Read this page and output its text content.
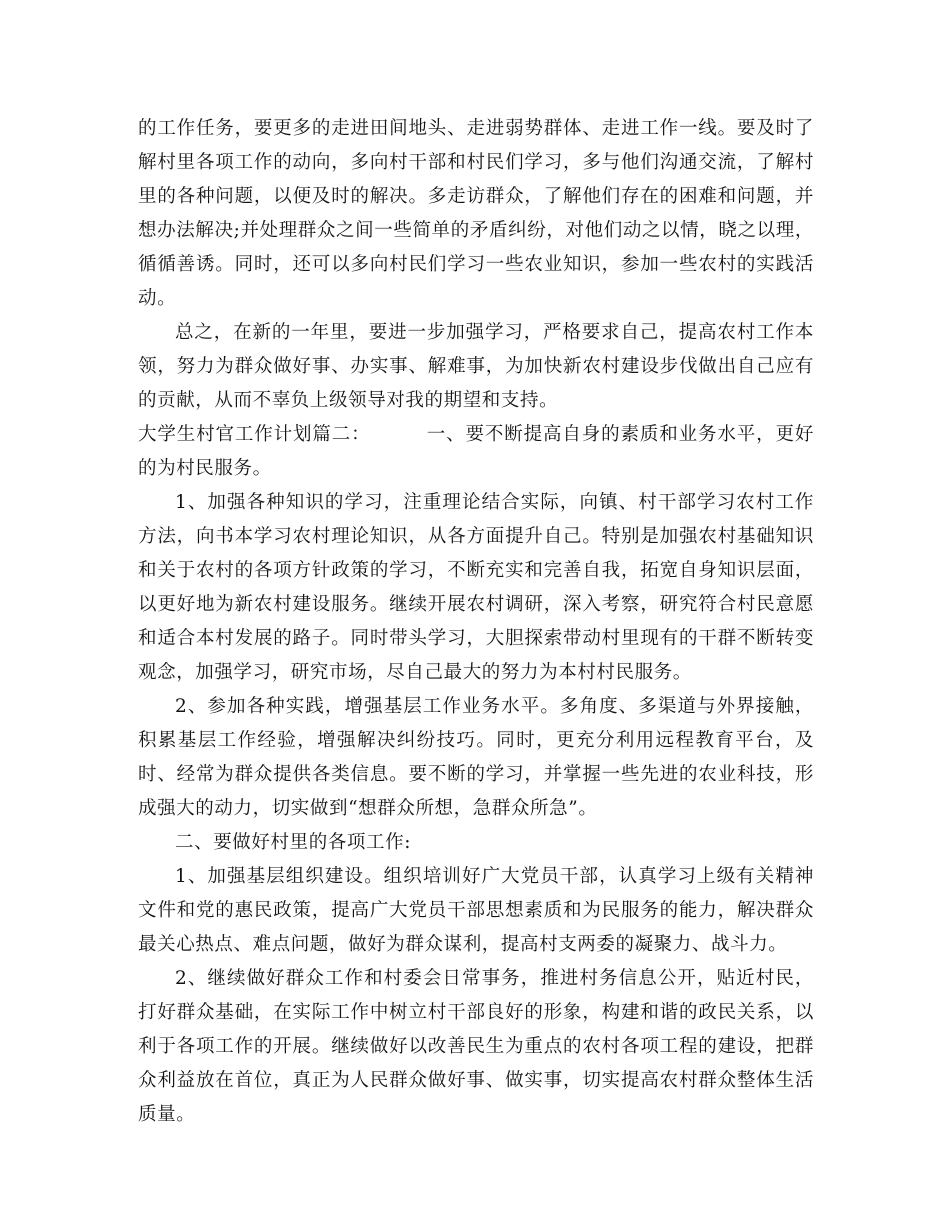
的工作任务，要更多的走进田间地头、走进弱势群体、走进工作一线。要及时了解村里各项工作的动向，多向村干部和村民们学习，多与他们沟通交流，了解村里的各种问题，以便及时的解决。多走访群众，了解他们存在的困难和问题，并想办法解决;并处理群众之间一些简单的矛盾纠纷，对他们动之以情，晓之以理，循循善诱。同时，还可以多向村民们学习一些农业知识，参加一些农村的实践活动。

总之，在新的一年里，要进一步加强学习，严格要求自己，提高农村工作本领，努力为群众做好事、办实事、解难事，为加快新农村建设步伐做出自己应有的贡献，从而不辜负上级领导对我的期望和支持。

大学生村官工作计划篇二：	一、要不断提高自身的素质和业务水平，更好的为村民服务。

1、加强各种知识的学习，注重理论结合实际，向镇、村干部学习农村工作方法，向书本学习农村理论知识，从各方面提升自己。特别是加强农村基础知识和关于农村的各项方针政策的学习，不断充实和完善自我，拓宽自身知识层面，以更好地为新农村建设服务。继续开展农村调研，深入考察，研究符合村民意愿和适合本村发展的路子。同时带头学习，大胆探索带动村里现有的干群不断转变观念，加强学习，研究市场，尽自己最大的努力为本村村民服务。

2、参加各种实践，增强基层工作业务水平。多角度、多渠道与外界接触，积累基层工作经验，增强解决纠纷技巧。同时，更充分利用远程教育平台，及时、经常为群众提供各类信息。要不断的学习，并掌握一些先进的农业科技，形成强大的动力，切实做到“想群众所想，急群众所急”。

二、要做好村里的各项工作:

1、加强基层组织建设。组织培训好广大党员干部，认真学习上级有关精神文件和党的惠民政策，提高广大党员干部思想素质和为民服务的能力，解决群众最关心热点、难点问题，做好为群众谋利，提高村支两委的凝聚力、战斗力。

2、继续做好群众工作和村委会日常事务，推进村务信息公开，贴近村民，打好群众基础，在实际工作中树立村干部良好的形象，构建和谐的政民关系，以利于各项工作的开展。继续做好以改善民生为重点的农村各项工程的建设，把群众利益放在首位，真正为人民群众做好事、做实事，切实提高农村群众整体生活质量。
